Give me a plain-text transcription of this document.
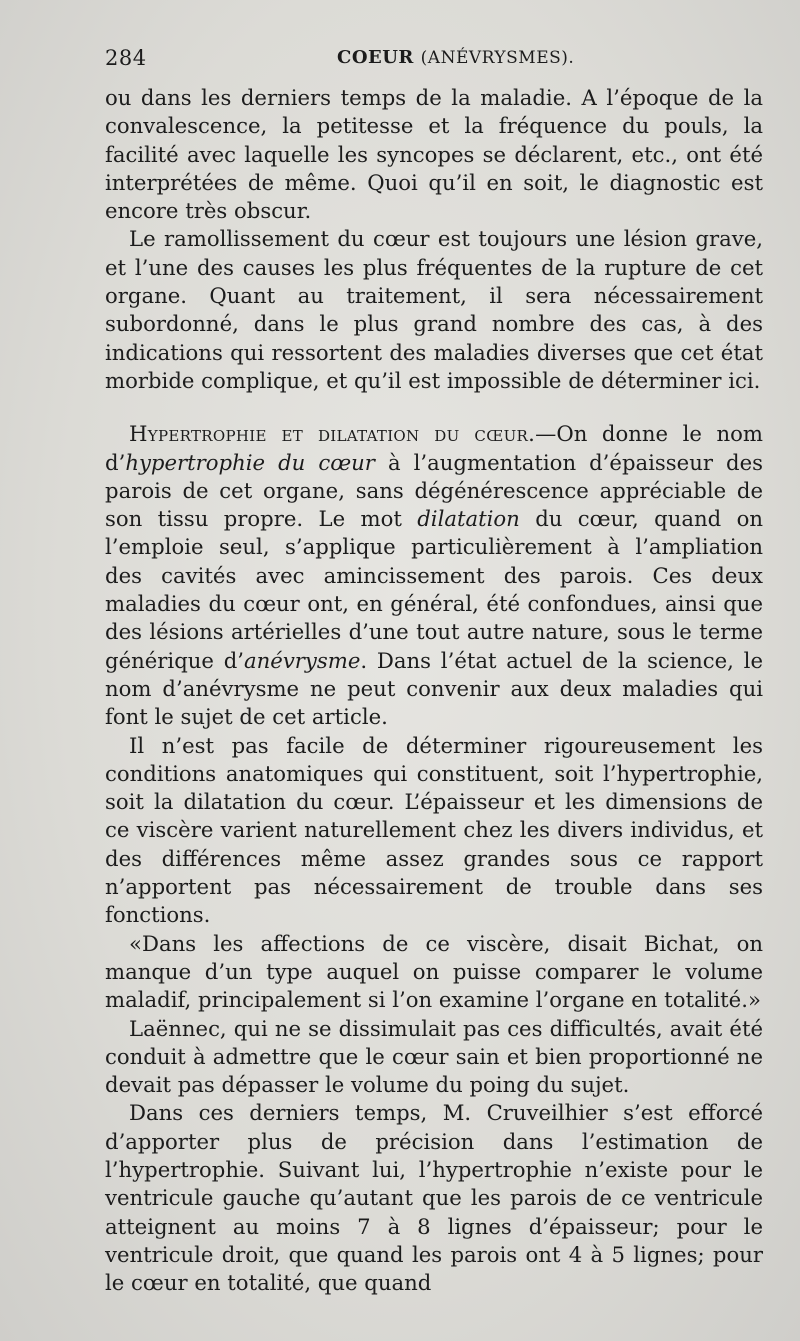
284	COEUR (ANÉVRYSMES).

ou dans les derniers temps de la maladie. A l’époque de la convalescence, la petitesse et la fréquence du pouls, la facilité avec laquelle les syncopes se déclarent, etc., ont été interprétées de même. Quoi qu’il en soit, le diagnostic est encore très obscur.

Le ramollissement du cœur est toujours une lésion grave, et l’une des causes les plus fréquentes de la rupture de cet organe. Quant au traitement, il sera nécessairement subordonné, dans le plus grand nombre des cas, à des indications qui ressortent des maladies diverses que cet état morbide complique, et qu’il est impossible de déterminer ici.

Hypertrophie et dilatation du cœur.—On donne le nom d’hypertrophie du cœur à l’augmentation d’épaisseur des parois de cet organe, sans dégénérescence appréciable de son tissu propre. Le mot dilatation du cœur, quand on l’emploie seul, s’applique particulièrement à l’ampliation des cavités avec amincissement des parois. Ces deux maladies du cœur ont, en général, été confondues, ainsi que des lésions artérielles d’une tout autre nature, sous le terme générique d’anévrysme. Dans l’état actuel de la science, le nom d’anévrysme ne peut convenir aux deux maladies qui font le sujet de cet article.

Il n’est pas facile de déterminer rigoureusement les conditions anatomiques qui constituent, soit l’hypertrophie, soit la dilatation du cœur. L’épaisseur et les dimensions de ce viscère varient naturellement chez les divers individus, et des différences même assez grandes sous ce rapport n’apportent pas nécessairement de trouble dans ses fonctions.

«Dans les affections de ce viscère, disait Bichat, on manque d’un type auquel on puisse comparer le volume maladif, principalement si l’on examine l’organe en totalité.»

Laënnec, qui ne se dissimulait pas ces difficultés, avait été conduit à admettre que le cœur sain et bien proportionné ne devait pas dépasser le volume du poing du sujet.

Dans ces derniers temps, M. Cruveilhier s’est efforcé d’apporter plus de précision dans l’estimation de l’hypertrophie. Suivant lui, l’hypertrophie n’existe pour le ventricule gauche qu’autant que les parois de ce ventricule atteignent au moins 7 à 8 lignes d’épaisseur; pour le ventricule droit, que quand les parois ont 4 à 5 lignes; pour le cœur en totalité, que quand
